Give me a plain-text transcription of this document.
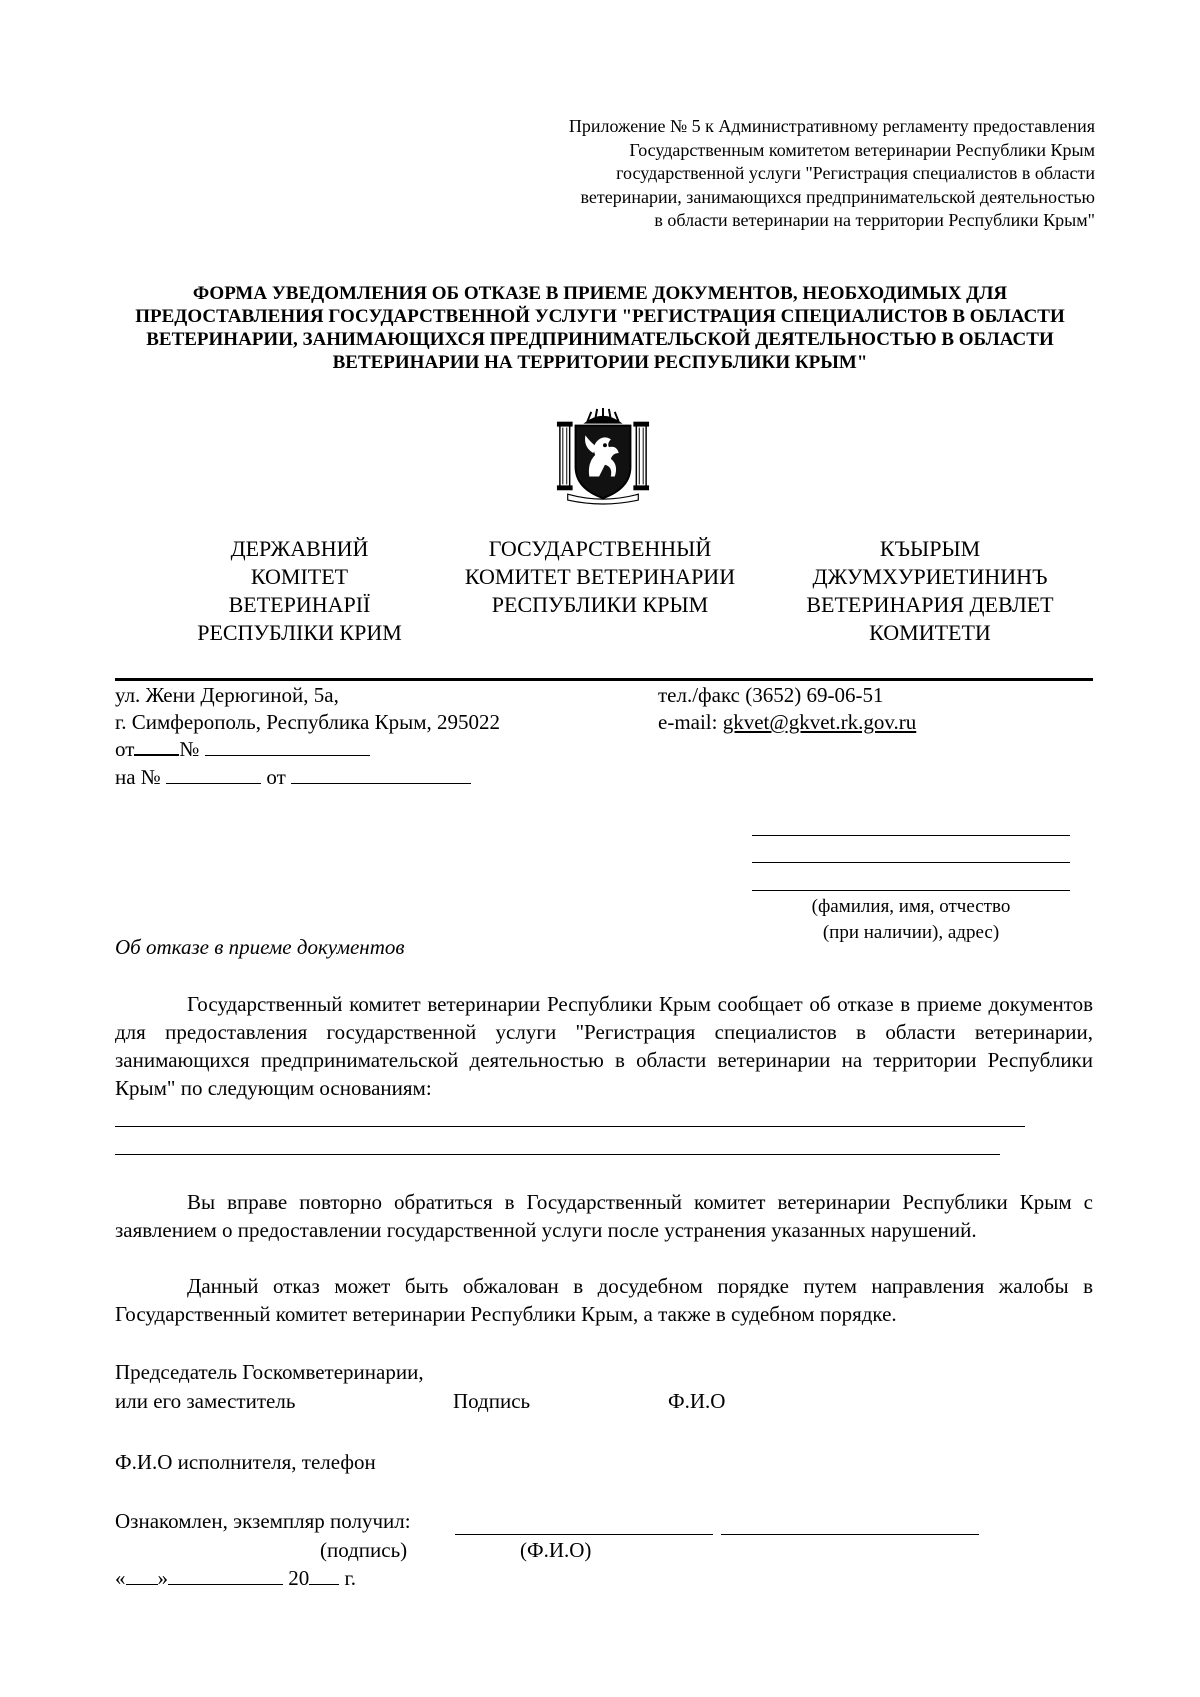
Приложение № 5 к Административному регламенту предоставления
Государственным комитетом ветеринарии Республики Крым
государственной услуги "Регистрация специалистов в области
ветеринарии, занимающихся предпринимательской деятельностью
в области ветеринарии на территории Республики Крым"
ФОРМА УВЕДОМЛЕНИЯ ОБ ОТКАЗЕ В ПРИЕМЕ ДОКУМЕНТОВ, НЕОБХОДИМЫХ ДЛЯ
ПРЕДОСТАВЛЕНИЯ ГОСУДАРСТВЕННОЙ УСЛУГИ "РЕГИСТРАЦИЯ СПЕЦИАЛИСТОВ В ОБЛАСТИ
ВЕТЕРИНАРИИ, ЗАНИМАЮЩИХСЯ ПРЕДПРИНИМАТЕЛЬСКОЙ ДЕЯТЕЛЬНОСТЬЮ В ОБЛАСТИ
ВЕТЕРИНАРИИ НА ТЕРРИТОРИИ РЕСПУБЛИКИ КРЫМ"
ДЕРЖАВНИЙ
КОМІТЕТ
ВЕТЕРИНАРІЇ
РЕСПУБЛІКИ КРИМ
ГОСУДАРСТВЕННЫЙ
КОМИТЕТ ВЕТЕРИНАРИИ
РЕСПУБЛИКИ КРЫМ
КЪЫРЫМ
ДЖУМХУРИЕТИНИНЪ
ВЕТЕРИНАРИЯ ДЕВЛЕТ
КОМИТЕТИ
ул. Жени Дерюгиной, 5а,
г. Симферополь, Республика Крым, 295022
тел./факс (3652) 69-06-51
e-mail: gkvet@gkvet.rk.gov.ru
от №
на №	от
(фамилия, имя, отчество
(при наличии), адрес)
Об отказе в приеме документов
Государственный комитет ветеринарии Республики Крым сообщает об отказе в приеме документов для предоставления государственной услуги "Регистрация специалистов в области ветеринарии, занимающихся предпринимательской деятельностью в области ветеринарии на территории Республики Крым" по следующим основаниям:
Вы вправе повторно обратиться в Государственный комитет ветеринарии Республики Крым с заявлением о предоставлении государственной услуги после устранения указанных нарушений.
Данный отказ может быть обжалован в досудебном порядке путем направления жалобы в Государственный комитет ветеринарии Республики Крым, а также в судебном порядке.
Председатель Госкомветеринарии,
или его заместитель	Подпись	Ф.И.О
Ф.И.О исполнителя, телефон
Ознакомлен, экземпляр получил:
(подпись)	(Ф.И.О)
« »	20 г.
